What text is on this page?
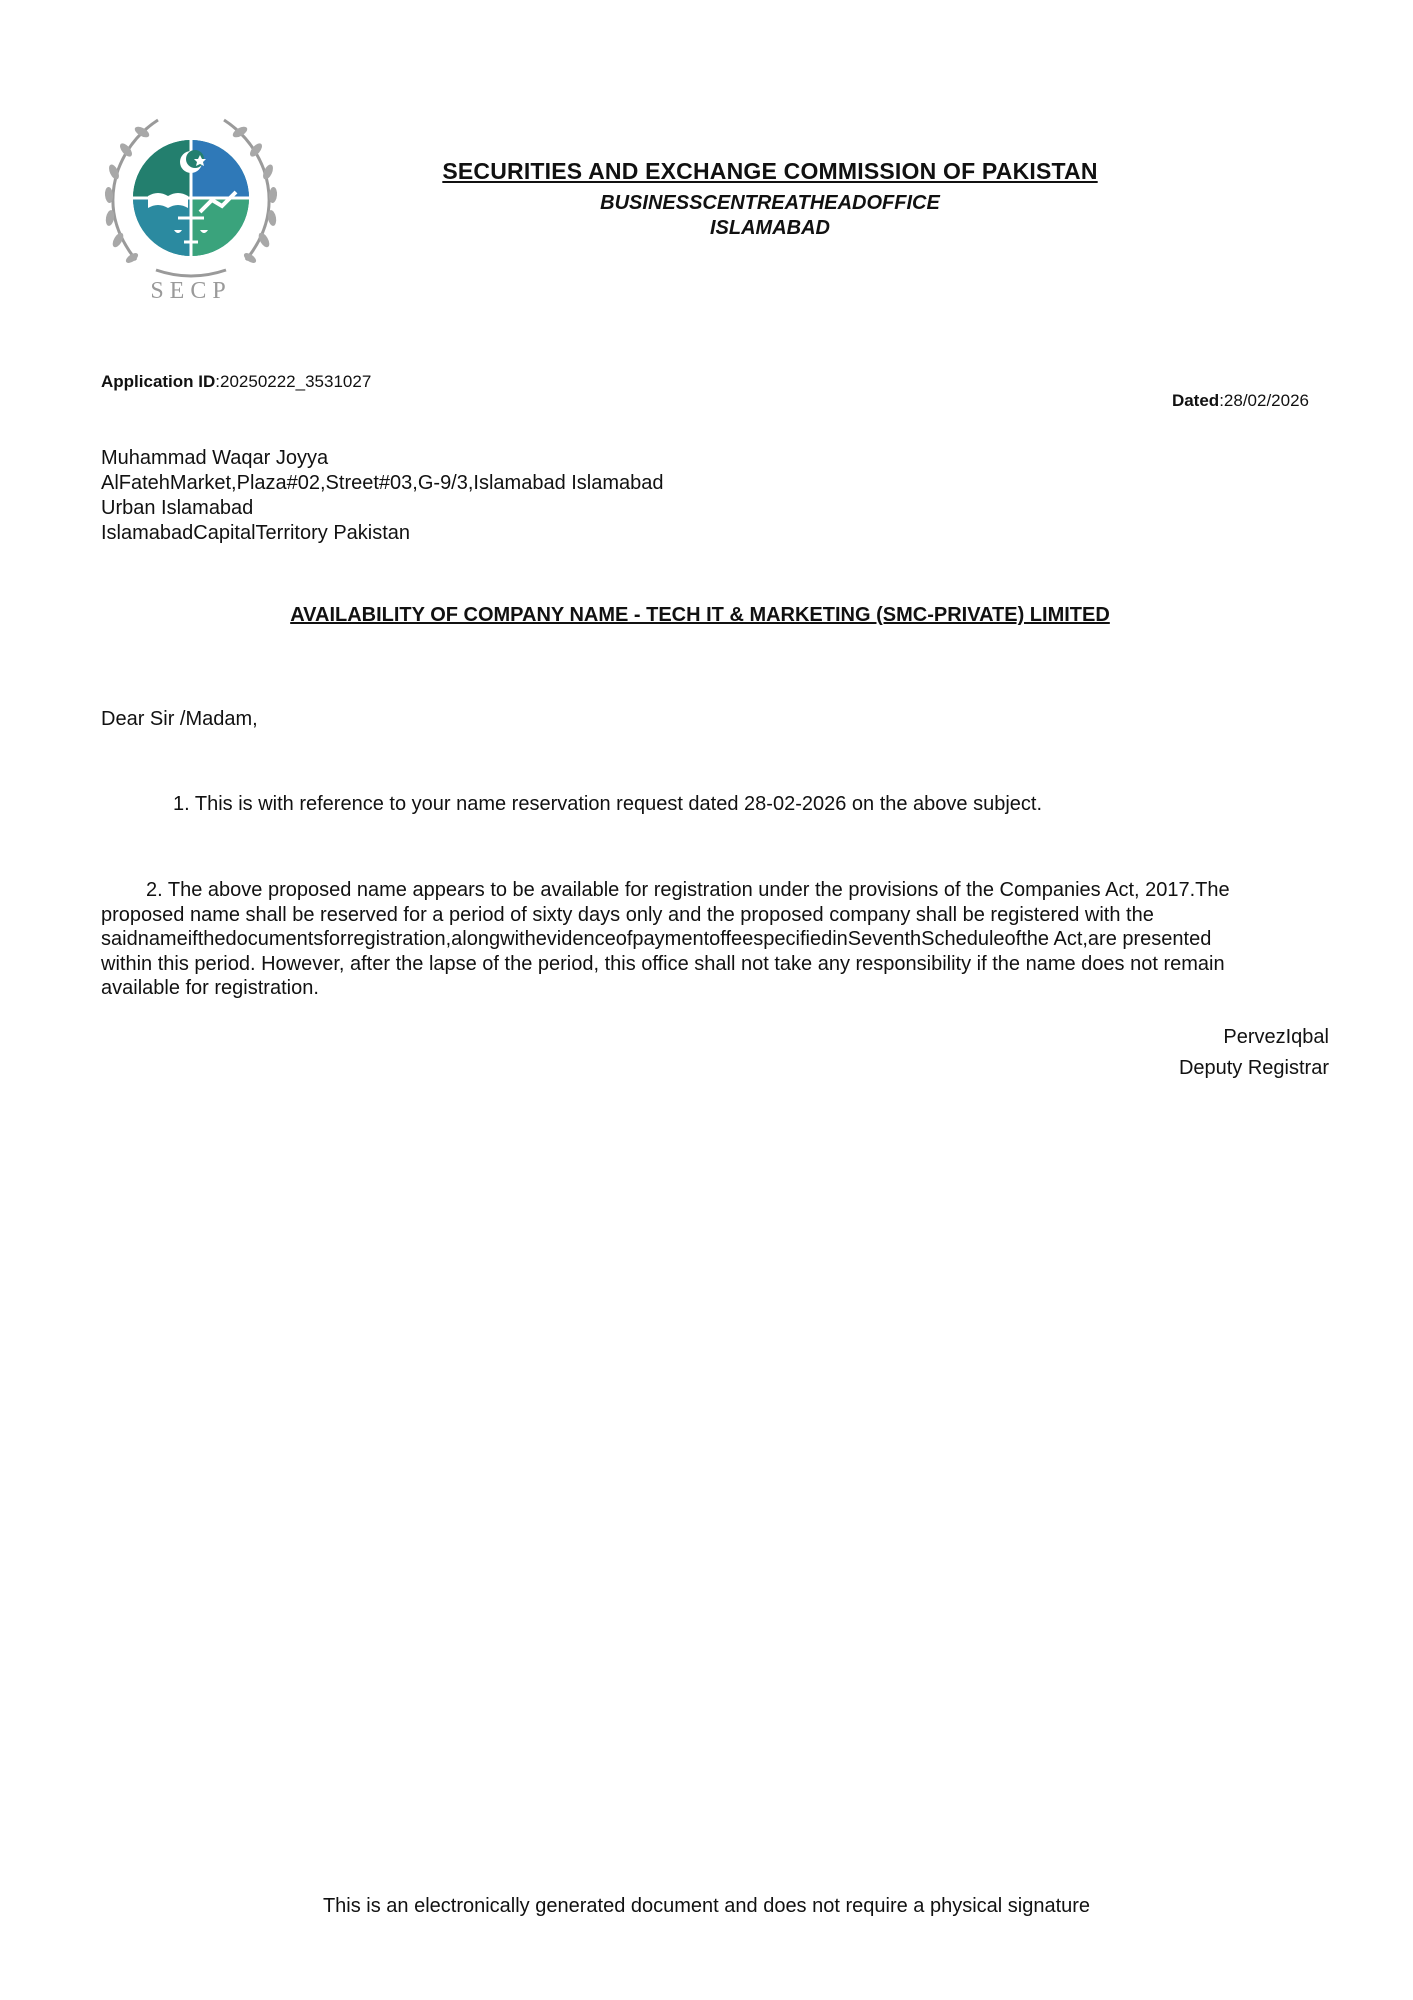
SECP
SECURITIES AND EXCHANGE COMMISSION OF PAKISTAN
BUSINESSCENTREATHEADOFFICE
ISLAMABAD
Application ID:20250222_3531027
Dated:28/02/2026
Muhammad Waqar Joyya
AlFatehMarket,Plaza#02,Street#03,G-9/3,Islamabad Islamabad
Urban Islamabad
IslamabadCapitalTerritory Pakistan
AVAILABILITY OF COMPANY NAME - TECH IT & MARKETING (SMC-PRIVATE) LIMITED
Dear Sir /Madam,
1. This is with reference to your name reservation request dated 28-02-2026 on the above subject.
2. The above proposed name appears to be available for registration under the provisions of the Companies Act, 2017.The
proposed name shall be reserved for a period of sixty days only and the proposed company shall be registered with the
saidnameifthedocumentsforregistration,alongwithevidenceofpaymentoffeespecifiedinSeventhScheduleofthe Act,are presented
within this period. However, after the lapse of the period, this office shall not take any responsibility if the name does not remain
available for registration.
PervezIqbal
Deputy Registrar
This is an electronically generated document and does not require a physical signature
